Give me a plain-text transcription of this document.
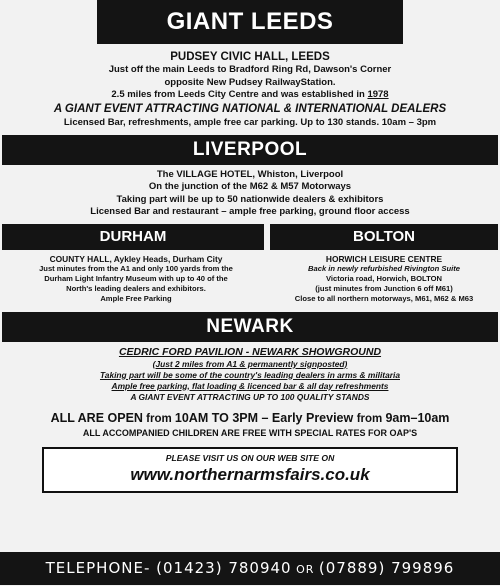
GIANT LEEDS
PUDSEY CIVIC HALL, LEEDS
Just off the main Leeds to Bradford Ring Rd, Dawson's Corner
opposite New Pudsey RailwayStation.
2.5 miles from Leeds City Centre and was established in 1978
A GIANT EVENT ATTRACTING NATIONAL & INTERNATIONAL DEALERS
Licensed Bar, refreshments, ample free car parking. Up to 130 stands. 10am – 3pm
LIVERPOOL
The VILLAGE HOTEL, Whiston, Liverpool
On the junction of the M62 & M57 Motorways
Taking part will be up to 50 nationwide dealers & exhibitors
Licensed Bar and restaurant – ample free parking, ground floor access
DURHAM
COUNTY HALL, Aykley Heads, Durham City
Just minutes from the A1 and only 100 yards from the
Durham Light Infantry Museum with up to 40 of the
North's leading dealers and exhibitors.
Ample Free Parking
BOLTON
HORWICH LEISURE CENTRE
Back in newly refurbished Rivington Suite
Victoria road, Horwich, BOLTON
(just minutes from Junction 6 off M61)
Close to all northern motorways, M61, M62 & M63
NEWARK
CEDRIC FORD PAVILION - NEWARK SHOWGROUND
(Just 2 miles from A1 & permanently signposted)
Taking part will be some of the country's leading dealers in arms & militaria
Ample free parking, flat loading & licenced bar & all day refreshments
A GIANT EVENT ATTRACTING UP TO 100 QUALITY STANDS
ALL ARE OPEN from 10AM TO 3PM – Early Preview from 9am–10am
ALL ACCOMPANIED CHILDREN ARE FREE WITH SPECIAL RATES FOR OAP'S
PLEASE VISIT US ON OUR WEB SITE ON
www.northernarmsfairs.co.uk
TELEPHONE- (01423) 780940 OR (07889) 799896
